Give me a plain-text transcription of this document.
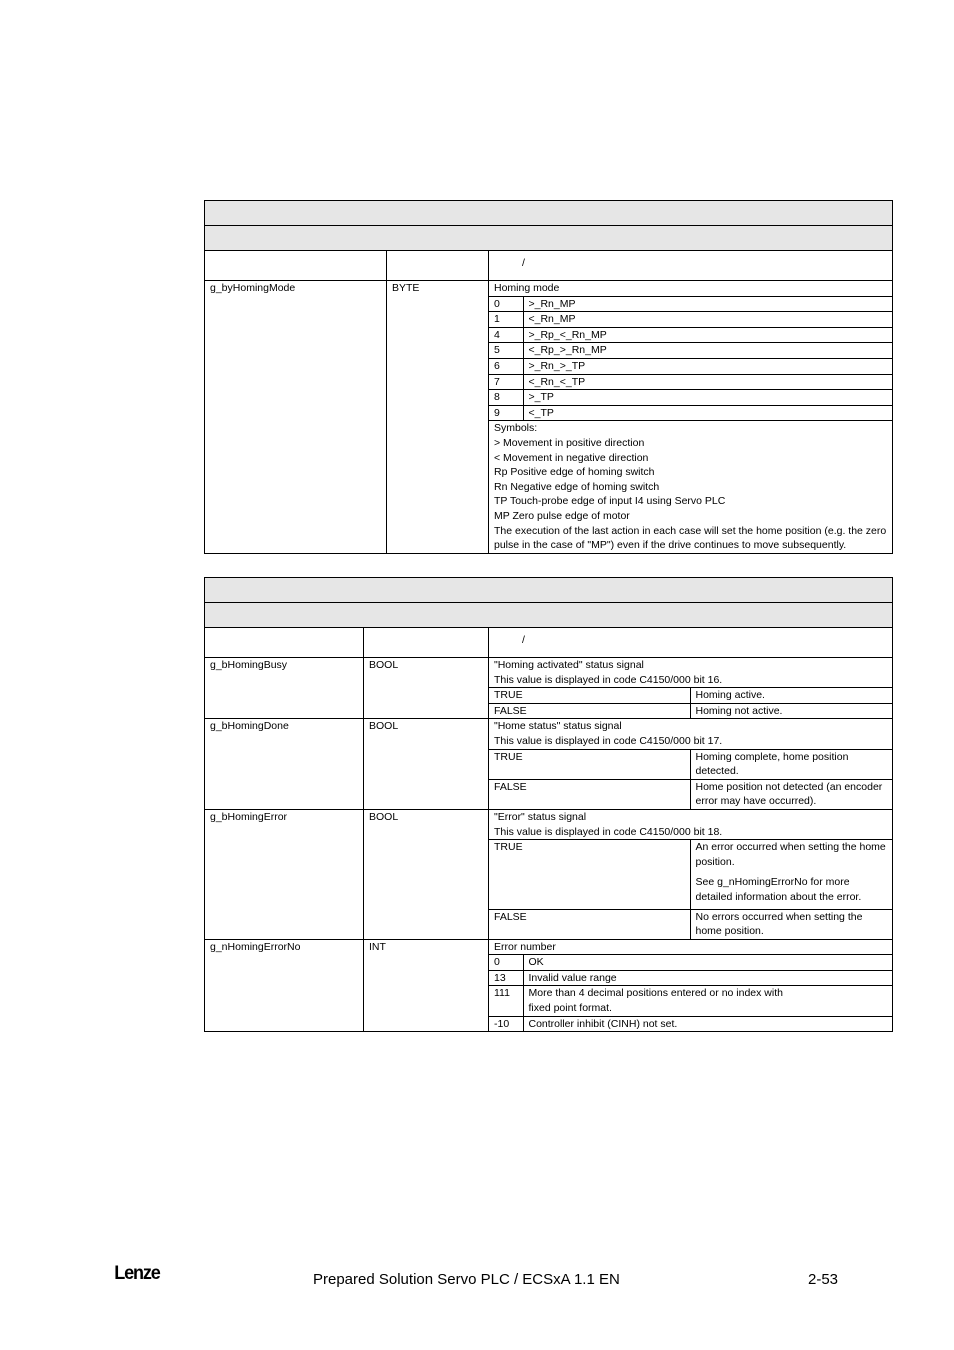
		/
g_byHomingMode	BYTE		Homing mode
0	>_Rn_MP
1	<_Rn_MP
4	>_Rp_<_Rn_MP
5	<_Rp_>_Rn_MP
6	>_Rn_>_TP
7	<_Rn_<_TP
8	>_TP
9	<_TP

Symbols:
> Movement in positive direction
< Movement in negative direction
Rp Positive edge of homing switch
Rn Negative edge of homing switch
TP Touch-probe edge of input I4 using Servo PLC
MP Zero pulse edge of motor
The execution of the last action in each case will set the home position (e.g. the zero pulse in the case of "MP") even if the drive continues to move subsequently.

		/
g_bHomingBusy	BOOL		"Homing activated" status signal
This value is displayed in code C4150/000 bit 16.

TRUE	Homing active.
FALSE	Homing not active.

g_bHomingDone	BOOL		"Home status" status signal
This value is displayed in code C4150/000 bit 17.

TRUE	Homing complete, home position detected.
FALSE	Home position not detected (an encoder error may have occurred).

g_bHomingError	BOOL		"Error" status signal
This value is displayed in code C4150/000 bit 18.

TRUE	An error occurred when setting the home position.
See g_nHomingErrorNo for more detailed information about the error.

FALSE	No errors occurred when setting the home position.

g_nHomingErrorNo	INT		Error number
0	OK
13	Invalid value range
111	More than 4 decimal positions entered or no index with fixed point format.
-10	Controller inhibit (CINH) not set.
Lenze	Prepared Solution Servo PLC / ECSxA 1.1 EN	2-53
